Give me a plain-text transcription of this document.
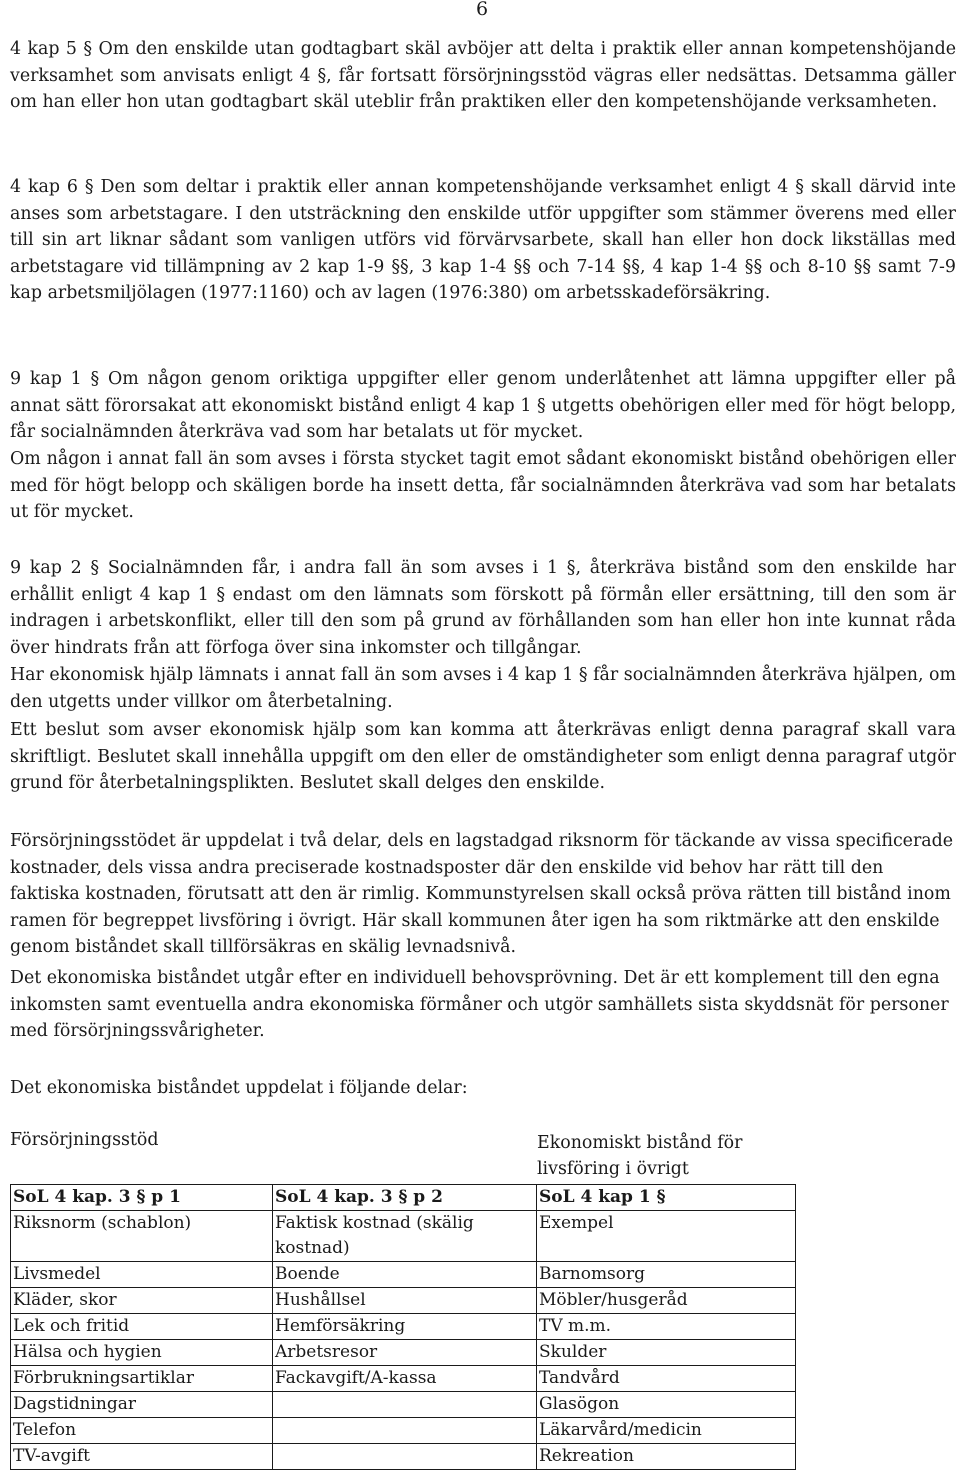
6

4 kap 5 § Om den enskilde utan godtagbart skäl avböjer att delta i praktik eller annan kompetenshöjande verksamhet som anvisats enligt 4 §, får fortsatt försörjningsstöd vägras eller nedsättas. Detsamma gäller om han eller hon utan godtagbart skäl uteblir från praktiken eller den kompetenshöjande verksamheten.

4 kap 6 § Den som deltar i praktik eller annan kompetenshöjande verksamhet enligt 4 § skall därvid inte anses som arbetstagare. I den utsträckning den enskilde utför uppgifter som stämmer överens med eller till sin art liknar sådant som vanligen utförs vid förvärvsarbete, skall han eller hon dock likställas med arbetstagare vid tillämpning av 2 kap 1-9 §§, 3 kap 1-4 §§ och 7-14 §§, 4 kap 1-4 §§ och 8-10 §§ samt 7-9 kap arbetsmiljölagen (1977:1160) och av lagen (1976:380) om arbetsskadeförsäkring.

9 kap 1 § Om någon genom oriktiga uppgifter eller genom underlåtenhet att lämna uppgifter eller på annat sätt förorsakat att ekonomiskt bistånd enligt 4 kap 1 § utgetts obehörigen eller med för högt belopp, får socialnämnden återkräva vad som har betalats ut för mycket.

Om någon i annat fall än som avses i första stycket tagit emot sådant ekonomiskt bistånd obehörigen eller med för högt belopp och skäligen borde ha insett detta, får socialnämnden återkräva vad som har betalats ut för mycket.

9 kap 2 § Socialnämnden får, i andra fall än som avses i 1 §, återkräva bistånd som den enskilde har erhållit enligt 4 kap 1 § endast om den lämnats som förskott på förmån eller ersättning, till den som är indragen i arbetskonflikt, eller till den som på grund av förhållanden som han eller hon inte kunnat råda över hindrats från att förfoga över sina inkomster och tillgångar.

Har ekonomisk hjälp lämnats i annat fall än som avses i 4 kap 1 § får socialnämnden återkräva hjälpen, om den utgetts under villkor om återbetalning.

Ett beslut som avser ekonomisk hjälp som kan komma att återkrävas enligt denna paragraf skall vara skriftligt. Beslutet skall innehålla uppgift om den eller de omständigheter som enligt denna paragraf utgör grund för återbetalningsplikten. Beslutet skall delges den enskilde.

Försörjningsstödet är uppdelat i två delar, dels en lagstadgad riksnorm för täckande av vissa specificerade kostnader, dels vissa andra preciserade kostnadsposter där den enskilde vid behov har rätt till den faktiska kostnaden, förutsatt att den är rimlig. Kommunstyrelsen skall också pröva rätten till bistånd inom ramen för begreppet livsföring i övrigt. Här skall kommunen åter igen ha som riktmärke att den enskilde genom biståndet skall tillförsäkras en skälig levnadsnivå.

Det ekonomiska biståndet utgår efter en individuell behovsprövning. Det är ett komplement till den egna inkomsten samt eventuella andra ekonomiska förmåner och utgör samhällets sista skyddsnät för personer med försörjningssvårigheter.

Det ekonomiska biståndet uppdelat i följande delar:

Försörjningsstöd	Ekonomiskt bistånd för livsföring i övrigt
SoL 4 kap. 3 § p 1	SoL 4 kap. 3 § p 2	SoL 4 kap 1 §
Riksnorm (schablon)	Faktisk kostnad (skälig kostnad)	Exempel
Livsmedel	Boende	Barnomsorg
Kläder, skor	Hushållsel	Möbler/husgeråd
Lek och fritid	Hemförsäkring	TV m.m.
Hälsa och hygien	Arbetsresor	Skulder
Förbrukningsartiklar	Fackavgift/A-kassa	Tandvård
Dagstidningar		Glasögon
Telefon		Läkarvård/medicin
TV-avgift		Rekreation
